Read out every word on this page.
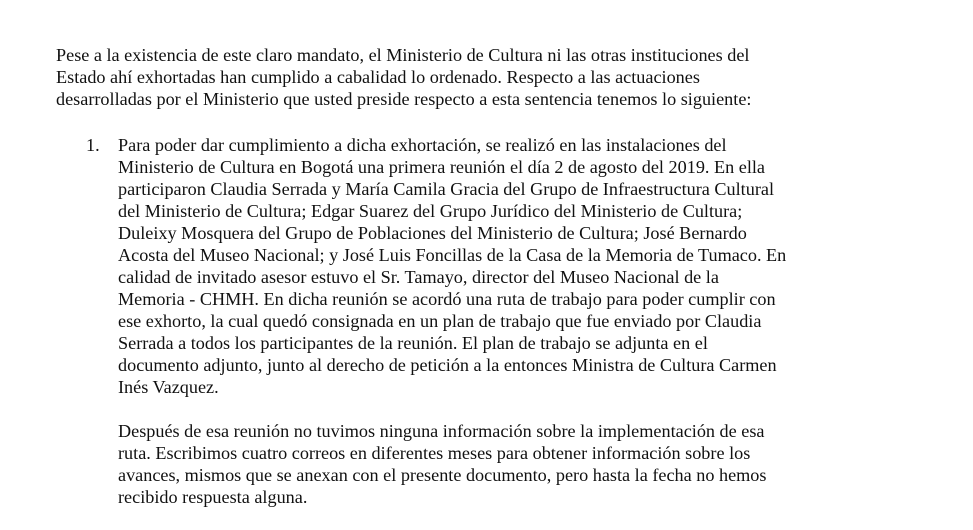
Pese a la existencia de este claro mandato, el Ministerio de Cultura ni las otras instituciones del
Estado ahí exhortadas han cumplido a cabalidad lo ordenado. Respecto a las actuaciones
desarrolladas por el Ministerio que usted preside respecto a esta sentencia tenemos lo siguiente:

1.	Para poder dar cumplimiento a dicha exhortación, se realizó en las instalaciones del
Ministerio de Cultura en Bogotá una primera reunión el día 2 de agosto del 2019. En ella
participaron Claudia Serrada y María Camila Gracia del Grupo de Infraestructura Cultural
del Ministerio de Cultura; Edgar Suarez del Grupo Jurídico del Ministerio de Cultura;
Duleixy Mosquera del Grupo de Poblaciones del Ministerio de Cultura; José Bernardo
Acosta del Museo Nacional; y José Luis Foncillas de la Casa de la Memoria de Tumaco. En
calidad de invitado asesor estuvo el Sr. Tamayo, director del Museo Nacional de la
Memoria - CHMH. En dicha reunión se acordó una ruta de trabajo para poder cumplir con
ese exhorto, la cual quedó consignada en un plan de trabajo que fue enviado por Claudia
Serrada a todos los participantes de la reunión. El plan de trabajo se adjunta en el
documento adjunto, junto al derecho de petición a la entonces Ministra de Cultura Carmen
Inés Vazquez.

Después de esa reunión no tuvimos ninguna información sobre la implementación de esa
ruta. Escribimos cuatro correos en diferentes meses para obtener información sobre los
avances, mismos que se anexan con el presente documento, pero hasta la fecha no hemos
recibido respuesta alguna.
